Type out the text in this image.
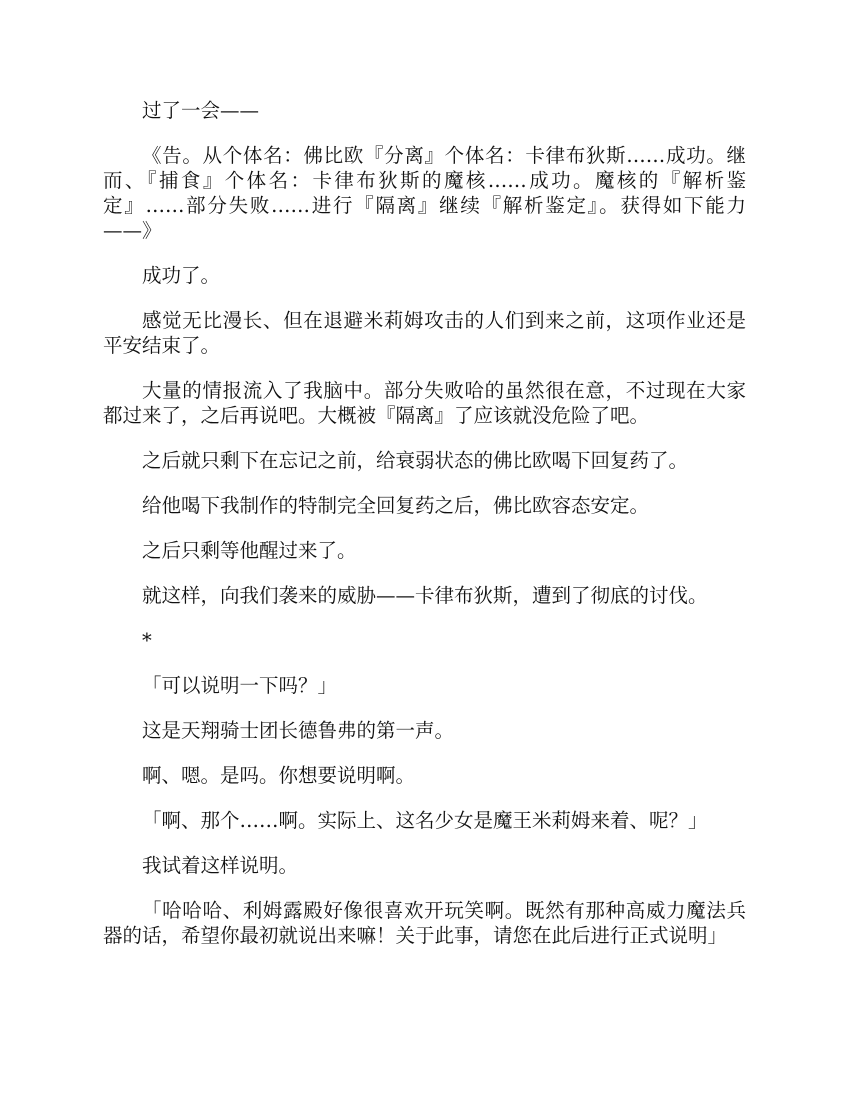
过了一会——

《告。从个体名：佛比欧『分离』个体名：卡律布狄斯……成功。继而、『捕食』个体名：卡律布狄斯的魔核……成功。魔核的『解析鉴定』……部分失败……进行『隔离』继续『解析鉴定』。获得如下能力——》

成功了。

感觉无比漫长、但在退避米莉姆攻击的人们到来之前，这项作业还是平安结束了。

大量的情报流入了我脑中。部分失败哈的虽然很在意，不过现在大家都过来了，之后再说吧。大概被『隔离』了应该就没危险了吧。

之后就只剩下在忘记之前，给衰弱状态的佛比欧喝下回复药了。

给他喝下我制作的特制完全回复药之后，佛比欧容态安定。

之后只剩等他醒过来了。

就这样，向我们袭来的威胁——卡律布狄斯，遭到了彻底的讨伐。

*

「可以说明一下吗？」

这是天翔骑士团长德鲁弗的第一声。

啊、嗯。是吗。你想要说明啊。

「啊、那个……啊。实际上、这名少女是魔王米莉姆来着、呢？」

我试着这样说明。

「哈哈哈、利姆露殿好像很喜欢开玩笑啊。既然有那种高威力魔法兵器的话，希望你最初就说出来嘛！关于此事，请您在此后进行正式说明」
